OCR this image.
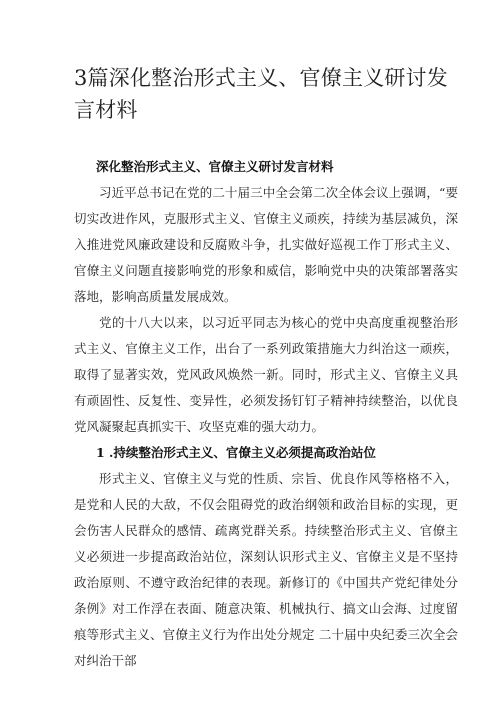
3篇深化整治形式主义、官僚主义研讨发言材料
深化整治形式主义、官僚主义研讨发言材料

习近平总书记在党的二十届三中全会第二次全体会议上强调，“要切实改进作风，克服形式主义、官僚主义顽疾，持续为基层减负，深入推进党风廉政建设和反腐败斗争，扎实做好巡视工作丁形式主义、官僚主义问题直接影响党的形象和威信，影响党中央的决策部署落实落地，影响高质量发展成效。

党的十八大以来，以习近平同志为核心的党中央高度重视整治形式主义、官僚主义工作，出台了一系列政策措施大力纠治这一顽疾，取得了显著实效，党风政风焕然一新。同时，形式主义、官僚主义具有顽固性、反复性、变异性，必须发扬钉钉子精神持续整治，以优良党风凝聚起真抓实干、攻坚克难的强大动力。

1 .持续整治形式主义、官僚主义必须提高政治站位

形式主义、官僚主义与党的性质、宗旨、优良作风等格格不入，是党和人民的大敌，不仅会阻碍党的政治纲领和政治目标的实现，更会伤害人民群众的感情、疏离党群关系。持续整治形式主义、官僚主义必须进一步提高政治站位，深刻认识形式主义、官僚主义是不坚持政治原则、不遵守政治纪律的表现。新修订的《中国共产党纪律处分条例》对工作浮在表面、随意决策、机械执行、搞文山会海、过度留痕等形式主义、官僚主义行为作出处分规定 二十届中央纪委三次全会对纠治干部
